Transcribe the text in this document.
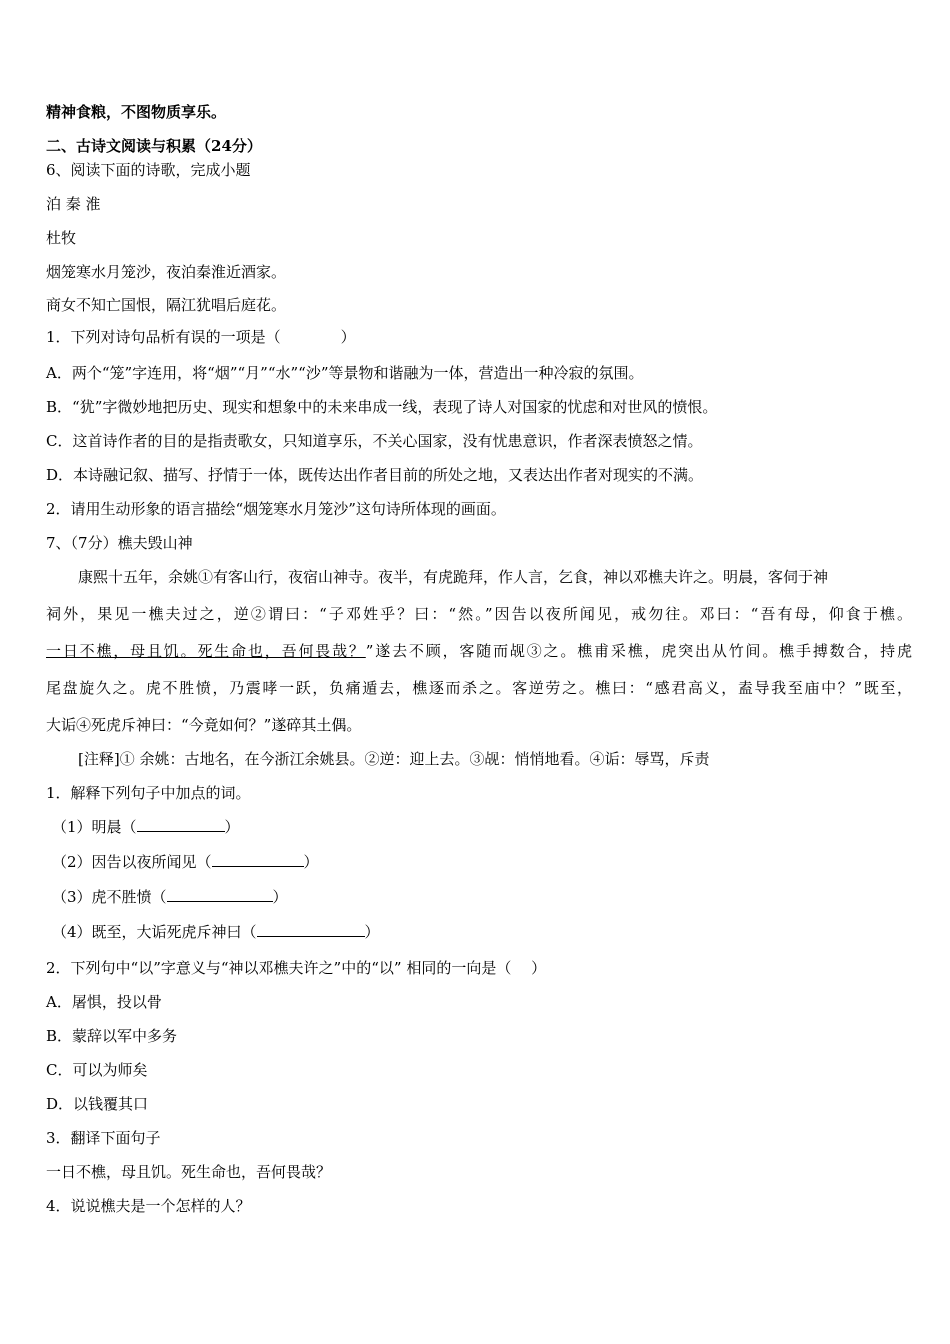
精神食粮，不图物质享乐。
二、古诗文阅读与积累（24分）
6、阅读下面的诗歌，完成小题
泊 秦 淮
杜牧
烟笼寒水月笼沙，夜泊秦淮近酒家。
商女不知亡国恨，隔江犹唱后庭花。
1．下列对诗句品析有误的一项是（	）
A．两个“笼”字连用，将“烟”“月”“水”“沙”等景物和谐融为一体，营造出一种冷寂的氛围。
B．“犹”字微妙地把历史、现实和想象中的未来串成一线，表现了诗人对国家的忧虑和对世风的愤恨。
C．这首诗作者的目的是指责歌女，只知道享乐，不关心国家，没有忧患意识，作者深表愤怒之情。
D．本诗融记叙、描写、抒情于一体，既传达出作者目前的所处之地，又表达出作者对现实的不满。
2．请用生动形象的语言描绘“烟笼寒水月笼沙”这句诗所体现的画面。
7、（7分）樵夫毁山神
康熙十五年，余姚①有客山行，夜宿山神寺。夜半，有虎跪拜，作人言，乞食，神以邓樵夫许之。明晨，客伺于神
祠外，果见一樵夫过之，逆②谓曰：“子邓姓乎？曰：“然。”因告以夜所闻见，戒勿往。邓曰：“吾有母，仰食于樵。
一日不樵，母且饥。死生命也，吾何畏哉？”遂去不顾，客随而觇③之。樵甫采樵，虎突出从竹间。樵手搏数合，持虎
尾盘旋久之。虎不胜愤，乃震哮一跃，负痛遁去，樵逐而杀之。客逆劳之。樵曰：“感君高义，盍导我至庙中？”既至，
大诟④死虎斥神曰：“今竟如何？”遂碎其土偶。
[注释]① 余姚：古地名，在今浙江余姚县。②逆：迎上去。③觇：悄悄地看。④诟：辱骂，斥责
1．解释下列句子中加点的词。
（1）明晨（	）
（2）因告以夜所闻见（	）
（3）虎不胜愤（	）
（4）既至，大诟死虎斥神曰（	）
2．下列句中“以”字意义与“神以邓樵夫许之”中的“以” 相同的一向是（　 ）
A．屠惧，投以骨
B．蒙辞以军中多务
C．可以为师矣
D．以钱覆其口
3．翻译下面句子
一日不樵，母且饥。死生命也，吾何畏哉？
4．说说樵夫是一个怎样的人？
